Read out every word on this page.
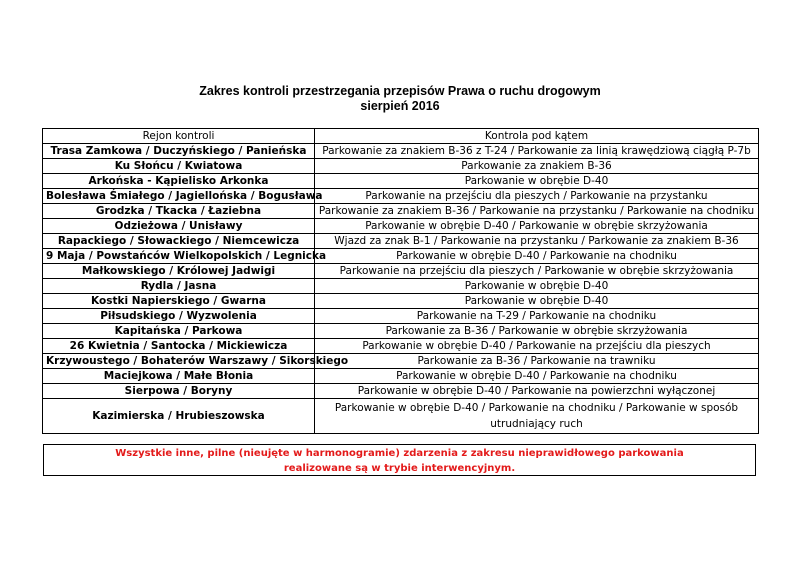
Zakres kontroli przestrzegania przepisów Prawa o ruchu drogowym
sierpień 2016
Rejon kontroli	Kontrola pod kątem
Trasa Zamkowa / Duczyńskiego / Panieńska	Parkowanie za znakiem B-36 z T-24 / Parkowanie za linią krawędziową ciągłą P-7b
Ku Słońcu / Kwiatowa	Parkowanie za znakiem B-36
Arkońska - Kąpielisko Arkonka	Parkowanie w obrębie D-40
Bolesława Śmiałego / Jagiellońska / Bogusława	Parkowanie na przejściu dla pieszych / Parkowanie na przystanku
Grodzka / Tkacka / Łaziebna	Parkowanie za znakiem B-36 / Parkowanie na przystanku / Parkowanie na chodniku
Odzieżowa / Unisławy	Parkowanie w obrębie D-40 / Parkowanie w obrębie skrzyżowania
Rapackiego / Słowackiego / Niemcewicza	Wjazd za znak B-1 / Parkowanie na przystanku / Parkowanie za znakiem B-36
9 Maja / Powstańców Wielkopolskich / Legnicka	Parkowanie w obrębie D-40 / Parkowanie na chodniku
Małkowskiego / Królowej Jadwigi	Parkowanie na przejściu dla pieszych / Parkowanie w obrębie skrzyżowania
Rydla / Jasna	Parkowanie w obrębie D-40
Kostki Napierskiego / Gwarna	Parkowanie w obrębie D-40
Piłsudskiego / Wyzwolenia	Parkowanie na T-29 / Parkowanie na chodniku
Kapitańska / Parkowa	Parkowanie za B-36 / Parkowanie w obrębie skrzyżowania
26 Kwietnia / Santocka / Mickiewicza	Parkowanie w obrębie D-40 / Parkowanie na przejściu dla pieszych
Krzywoustego / Bohaterów Warszawy / Sikorskiego	Parkowanie za B-36 / Parkowanie na trawniku
Maciejkowa / Małe Błonia	Parkowanie w obrębie D-40 / Parkowanie na chodniku
Sierpowa / Boryny	Parkowanie w obrębie D-40 / Parkowanie na powierzchni wyłączonej
Kazimierska / Hrubieszowska	Parkowanie w obrębie D-40 / Parkowanie na chodniku / Parkowanie w sposób utrudniający ruch
Wszystkie inne, pilne (nieujęte w harmonogramie) zdarzenia z zakresu nieprawidłowego parkowania
realizowane są w trybie interwencyjnym.
